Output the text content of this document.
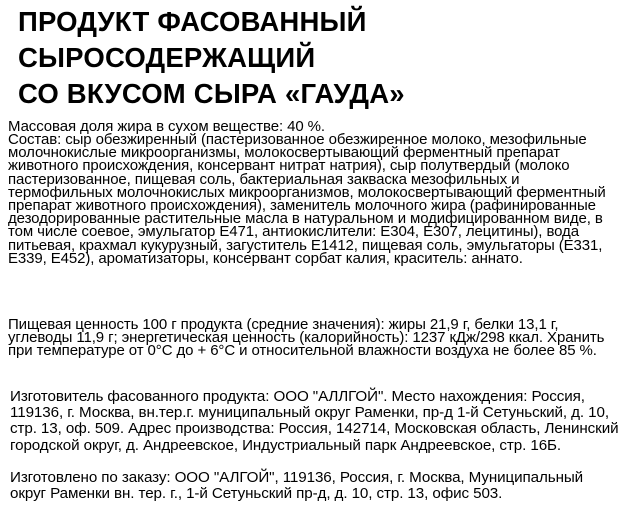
ПРОДУКТ ФАСОВАННЫЙ
СЫРОСОДЕРЖАЩИЙ
СО ВКУСОМ СЫРА «ГАУДА»
Массовая доля жира в сухом веществе: 40 %.
Состав: сыр обезжиренный (пастеризованное обезжиренное молоко, мезофильные молочнокислые микроорганизмы, молокосвертывающий ферментный препарат животного происхождения, консервант нитрат натрия), сыр полутвердый (молоко пастеризованное, пищевая соль, бактериальная закваска мезофильных и термофильных молочнокислых микроорганизмов, молокосвертывающий ферментный препарат животного происхождения), заменитель молочного жира (рафинированные дезодорированные растительные масла в натуральном и модифицированном виде, в том числе соевое, эмульгатор Е471, антиокислители: Е304, Е307, лецитины), вода питьевая, крахмал кукурузный, загуститель Е1412, пищевая соль, эмульгаторы (Е331, Е339, Е452), ароматизаторы, консервант сорбат калия, краситель: аннато.
Пищевая ценность 100 г продукта (средние значения): жиры 21,9 г, белки 13,1 г, углеводы 11,9 г; энергетическая ценность (калорийность): 1237 кДж/298 ккал. Хранить при температуре от 0°С до + 6°С и относительной влажности воздуха не более 85 %.
Изготовитель фасованного продукта: ООО "АЛЛГОЙ". Место нахождения: Россия, 119136, г. Москва, вн.тер.г. муниципальный округ Раменки, пр-д 1-й Сетуньский, д. 10, стр. 13, оф. 509. Адрес производства: Россия, 142714, Московская область, Ленинский городской округ, д. Андреевское, Индустриальный парк Андреевское, стр. 16Б.
Изготовлено по заказу: ООО "АЛГОЙ", 119136, Россия, г. Москва, Муниципальный округ Раменки вн. тер. г., 1-й Сетуньский пр-д, д. 10, стр. 13, офис 503.
